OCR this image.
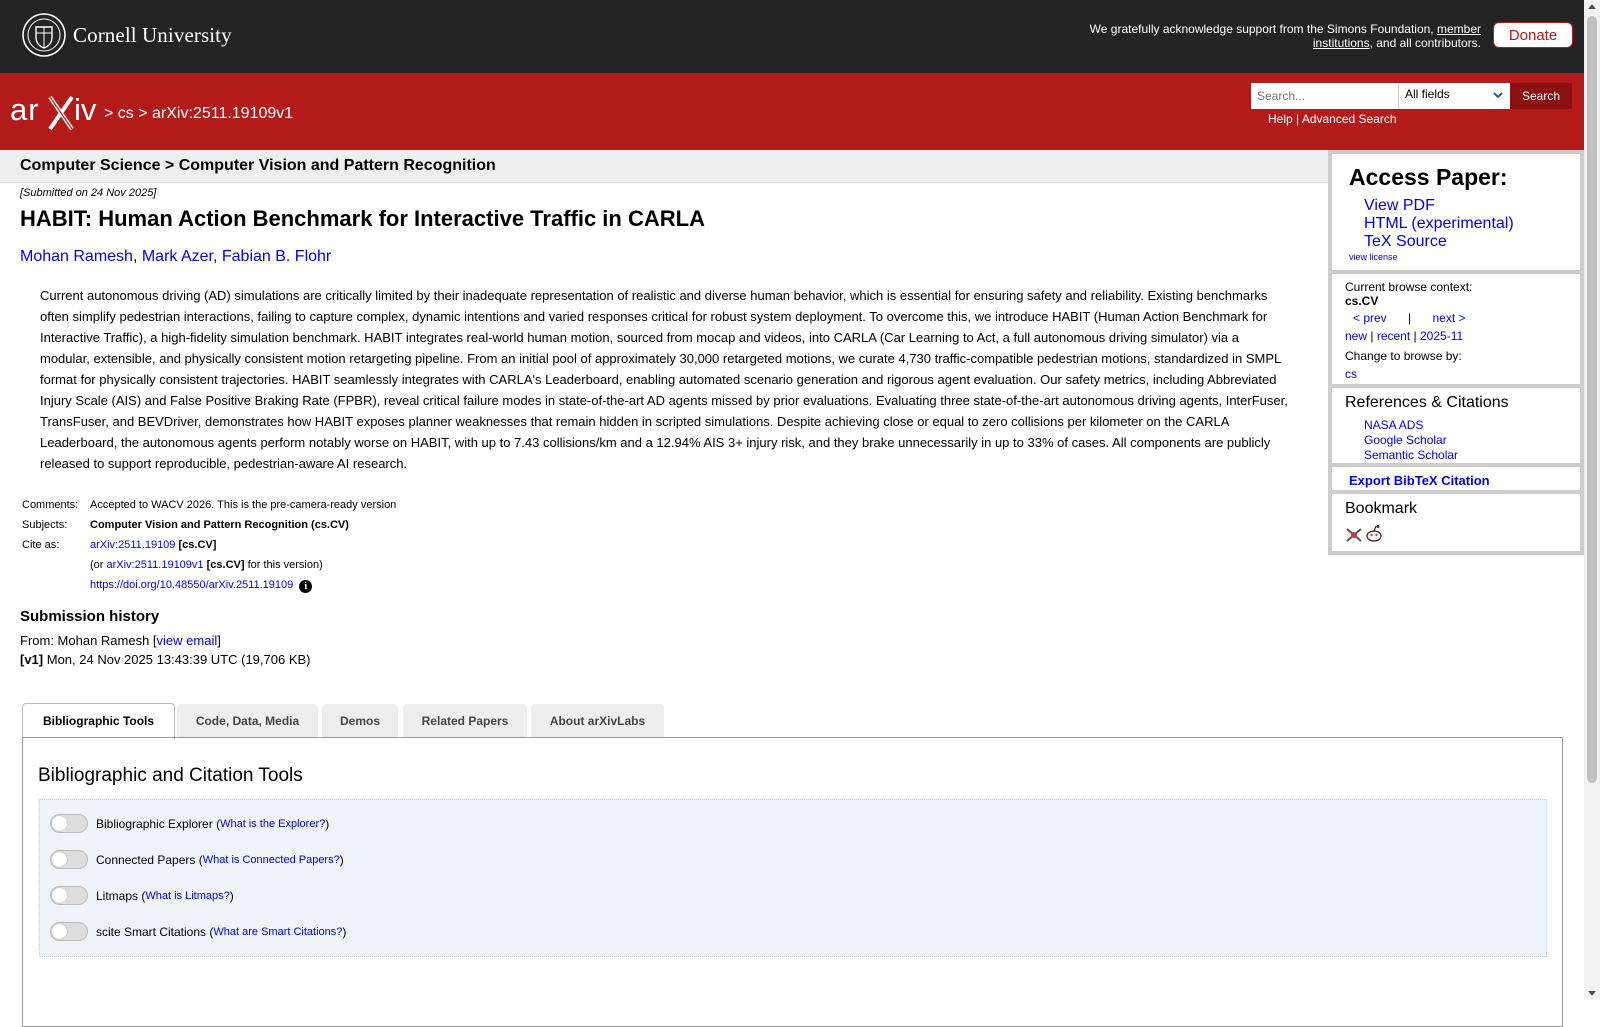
Cornell University	We gratefully acknowledge support from the Simons Foundation, member institutions, and all contributors.	Donate
ar iv > cs > arXiv:2511.19109v1
Search...
All fields	Search
Help | Advanced Search
Computer Science > Computer Vision and Pattern Recognition
[Submitted on 24 Nov 2025]
HABIT: Human Action Benchmark for Interactive Traffic in CARLA
Mohan Ramesh, Mark Azer, Fabian B. Flohr
Current autonomous driving (AD) simulations are critically limited by their inadequate representation of realistic and diverse human behavior, which is essential for ensuring safety and reliability. Existing benchmarks often simplify pedestrian interactions, failing to capture complex, dynamic intentions and varied responses critical for robust system deployment. To overcome this, we introduce HABIT (Human Action Benchmark for Interactive Traffic), a high-fidelity simulation benchmark. HABIT integrates real-world human motion, sourced from mocap and videos, into CARLA (Car Learning to Act, a full autonomous driving simulator) via a modular, extensible, and physically consistent motion retargeting pipeline. From an initial pool of approximately 30,000 retargeted motions, we curate 4,730 traffic-compatible pedestrian motions, standardized in SMPL format for physically consistent trajectories. HABIT seamlessly integrates with CARLA's Leaderboard, enabling automated scenario generation and rigorous agent evaluation. Our safety metrics, including Abbreviated Injury Scale (AIS) and False Positive Braking Rate (FPBR), reveal critical failure modes in state-of-the-art AD agents missed by prior evaluations. Evaluating three state-of-the-art autonomous driving agents, InterFuser, TransFuser, and BEVDriver, demonstrates how HABIT exposes planner weaknesses that remain hidden in scripted simulations. Despite achieving close or equal to zero collisions per kilometer on the CARLA Leaderboard, the autonomous agents perform notably worse on HABIT, with up to 7.43 collisions/km and a 12.94% AIS 3+ injury risk, and they brake unnecessarily in up to 33% of cases. All components are publicly released to support reproducible, pedestrian-aware AI research.
Comments:	Accepted to WACV 2026. This is the pre-camera-ready version
Subjects:	Computer Vision and Pattern Recognition (cs.CV)
Cite as:	arXiv:2511.19109 [cs.CV]
	(or arXiv:2511.19109v1 [cs.CV] for this version)
	https://doi.org/10.48550/arXiv.2511.19109 i
Submission history
From: Mohan Ramesh [view email]
[v1] Mon, 24 Nov 2025 13:43:39 UTC (19,706 KB)
Access Paper:
View PDF
HTML (experimental)
TeX Source
view license
Current browse context:
cs.CV
< prev | next >
new | recent | 2025-11
Change to browse by:
cs
References & Citations
NASA ADS
Google Scholar
Semantic Scholar
Export BibTeX Citation
Bookmark
Bibliographic Tools	Code, Data, Media	Demos	Related Papers	About arXivLabs
Bibliographic and Citation Tools
Bibliographic Explorer ( What is the Explorer? )
Connected Papers ( What is Connected Papers? )
Litmaps ( What is Litmaps? )
scite Smart Citations ( What are Smart Citations? )
